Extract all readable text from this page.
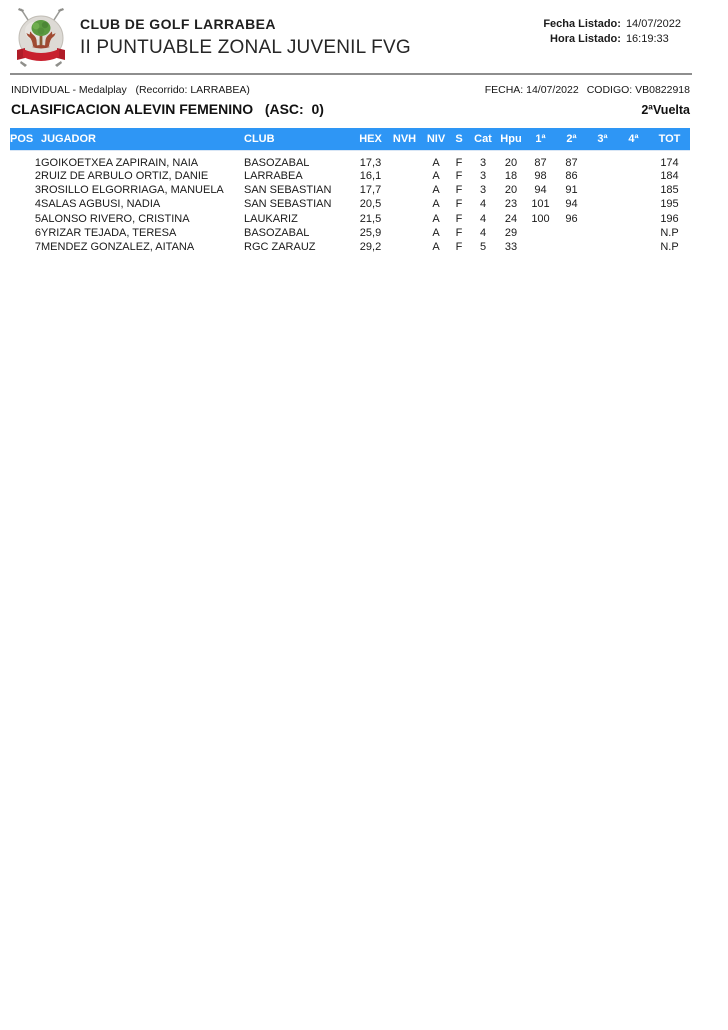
CLUB DE GOLF LARRABEA
II PUNTUABLE ZONAL JUVENIL FVG
Fecha Listado: 14/07/2022
Hora Listado: 16:19:33
INDIVIDUAL - Medalplay   (Recorrido: LARRABEA)	FECHA: 14/07/2022 CODIGO: VB0822918
CLASIFICACION ALEVIN FEMENINO   (ASC:  0)	2ªVuelta
POS	JUGADOR	CLUB	HEX	NVH	NIV	S	Cat	Hpu	1ª	2ª	3ª	4ª	TOT
1	GOIKOETXEA ZAPIRAIN, NAIA	BASOZABAL	17,3		A	F	3	20	87	87			174
2	RUIZ DE ARBULO ORTIZ, DANIE	LARRABEA	16,1		A	F	3	18	98	86			184
3	ROSILLO ELGORRIAGA, MANUELA	SAN SEBASTIAN	17,7		A	F	3	20	94	91			185
4	SALAS AGBUSI, NADIA	SAN SEBASTIAN	20,5		A	F	4	23	101	94			195
5	ALONSO RIVERO, CRISTINA	LAUKARIZ	21,5		A	F	4	24	100	96			196
6	YRIZAR TEJADA, TERESA	BASOZABAL	25,9		A	F	4	29					N.P
7	MENDEZ GONZALEZ, AITANA	RGC ZARAUZ	29,2		A	F	5	33					N.P
